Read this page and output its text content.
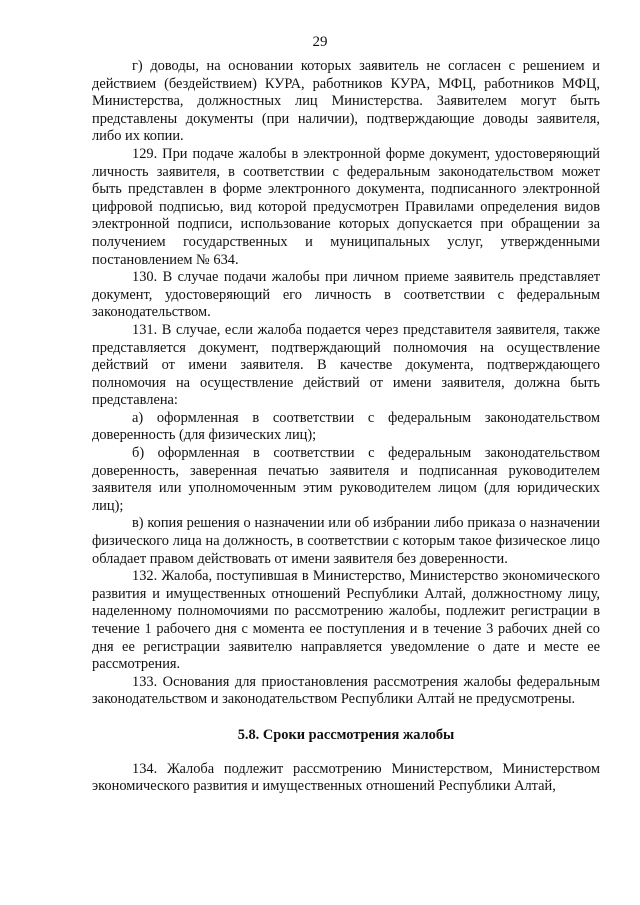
29

г) доводы, на основании которых заявитель не согласен с решением и действием (бездействием) КУРА, работников КУРА, МФЦ, работников МФЦ, Министерства, должностных лиц Министерства. Заявителем могут быть представлены документы (при наличии), подтверждающие доводы заявителя, либо их копии.

129. При подаче жалобы в электронной форме документ, удостоверяющий личность заявителя, в соответствии с федеральным законодательством может быть представлен в форме электронного документа, подписанного электронной цифровой подписью, вид которой предусмотрен Правилами определения видов электронной подписи, использование которых допускается при обращении за получением государственных и муниципальных услуг, утвержденными постановлением № 634.

130. В случае подачи жалобы при личном приеме заявитель представляет документ, удостоверяющий его личность в соответствии с федеральным законодательством.

131. В случае, если жалоба подается через представителя заявителя, также представляется документ, подтверждающий полномочия на осуществление действий от имени заявителя. В качестве документа, подтверждающего полномочия на осуществление действий от имени заявителя, должна быть представлена:

а) оформленная в соответствии с федеральным законодательством доверенность (для физических лиц);

б) оформленная в соответствии с федеральным законодательством доверенность, заверенная печатью заявителя и подписанная руководителем заявителя или уполномоченным этим руководителем лицом (для юридических лиц);

в) копия решения о назначении или об избрании либо приказа о назначении физического лица на должность, в соответствии с которым такое физическое лицо обладает правом действовать от имени заявителя без доверенности.

132. Жалоба, поступившая в Министерство, Министерство экономического развития и имущественных отношений Республики Алтай, должностному лицу, наделенному полномочиями по рассмотрению жалобы, подлежит регистрации в течение 1 рабочего дня с момента ее поступления и в течение 3 рабочих дней со дня ее регистрации заявителю направляется уведомление о дате и месте ее рассмотрения.

133. Основания для приостановления рассмотрения жалобы федеральным законодательством и законодательством Республики Алтай не предусмотрены.

5.8. Сроки рассмотрения жалобы

134. Жалоба подлежит рассмотрению Министерством, Министерством экономического развития и имущественных отношений Республики Алтай,
